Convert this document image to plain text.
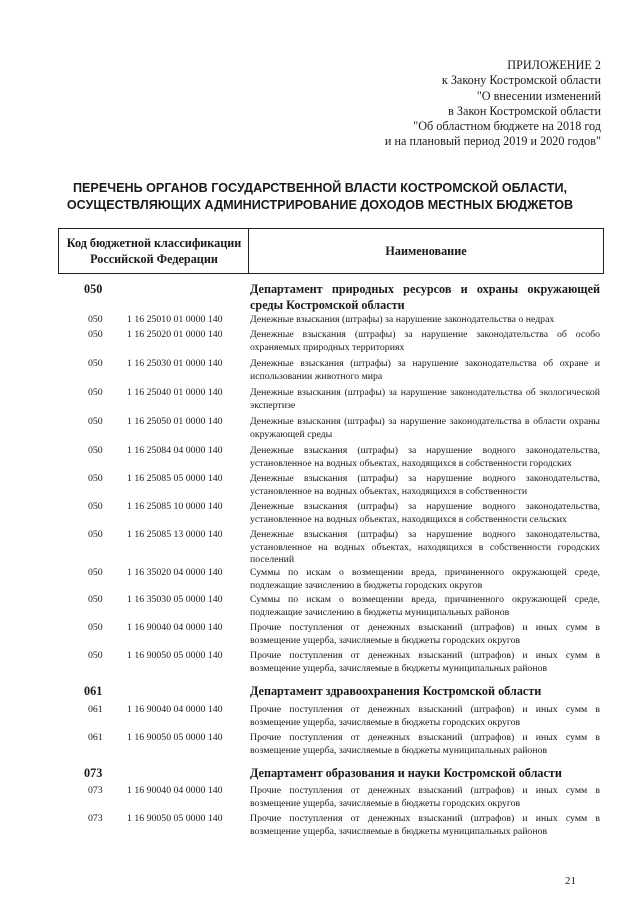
ПРИЛОЖЕНИЕ 2
к Закону Костромской области
"О внесении изменений
в Закон Костромской области
"Об областном бюджете на 2018 год
и на плановый период 2019 и 2020 годов"
ПЕРЕЧЕНЬ ОРГАНОВ ГОСУДАРСТВЕННОЙ ВЛАСТИ КОСТРОМСКОЙ ОБЛАСТИ,
ОСУЩЕСТВЛЯЮЩИХ АДМИНИСТРИРОВАНИЕ ДОХОДОВ МЕСТНЫХ БЮДЖЕТОВ
Код бюджетной классификации
Российской Федерации
Наименование
050	Департамент природных ресурсов и охраны окружающей среды Костромской области
050 1 16 25010 01 0000 140	Денежные взыскания (штрафы) за нарушение законодательства о недрах
050 1 16 25020 01 0000 140	Денежные взыскания (штрафы) за нарушение законодательства об особо охраняемых природных территориях
050 1 16 25030 01 0000 140	Денежные взыскания (штрафы) за нарушение законодательства об охране и использовании животного мира
050 1 16 25040 01 0000 140	Денежные взыскания (штрафы) за нарушение законодательства об экологической экспертизе
050 1 16 25050 01 0000 140	Денежные взыскания (штрафы) за нарушение законодательства в области охраны окружающей среды
050 1 16 25084 04 0000 140	Денежные взыскания (штрафы) за нарушение водного законодательства, установленное на водных объектах, находящихся в собственности городских
050 1 16 25085 05 0000 140	Денежные взыскания (штрафы) за нарушение водного законодательства, установленное на водных объектах, находящихся в собственности
050 1 16 25085 10 0000 140	Денежные взыскания (штрафы) за нарушение водного законодательства, установленное на водных объектах, находящихся в собственности сельских
050 1 16 25085 13 0000 140	Денежные взыскания (штрафы) за нарушение водного законодательства, установленное на водных объектах, находящихся в собственности городских поселений
050 1 16 35020 04 0000 140	Суммы по искам о возмещении вреда, причиненного окружающей среде, подлежащие зачислению в бюджеты городских округов
050 1 16 35030 05 0000 140	Суммы по искам о возмещении вреда, причиненного окружающей среде, подлежащие зачислению в бюджеты муниципальных районов
050 1 16 90040 04 0000 140	Прочие поступления от денежных взысканий (штрафов) и иных сумм в возмещение ущерба, зачисляемые в бюджеты городских округов
050 1 16 90050 05 0000 140	Прочие поступления от денежных взысканий (штрафов) и иных сумм в возмещение ущерба, зачисляемые в бюджеты муниципальных районов
061	Департамент здравоохранения Костромской области
061 1 16 90040 04 0000 140	Прочие поступления от денежных взысканий (штрафов) и иных сумм в возмещение ущерба, зачисляемые в бюджеты городских округов
061 1 16 90050 05 0000 140	Прочие поступления от денежных взысканий (штрафов) и иных сумм в возмещение ущерба, зачисляемые в бюджеты муниципальных районов
073	Департамент образования и науки Костромской области
073 1 16 90040 04 0000 140	Прочие поступления от денежных взысканий (штрафов) и иных сумм в возмещение ущерба, зачисляемые в бюджеты городских округов
073 1 16 90050 05 0000 140	Прочие поступления от денежных взысканий (штрафов) и иных сумм в возмещение ущерба, зачисляемые в бюджеты муниципальных районов
21
